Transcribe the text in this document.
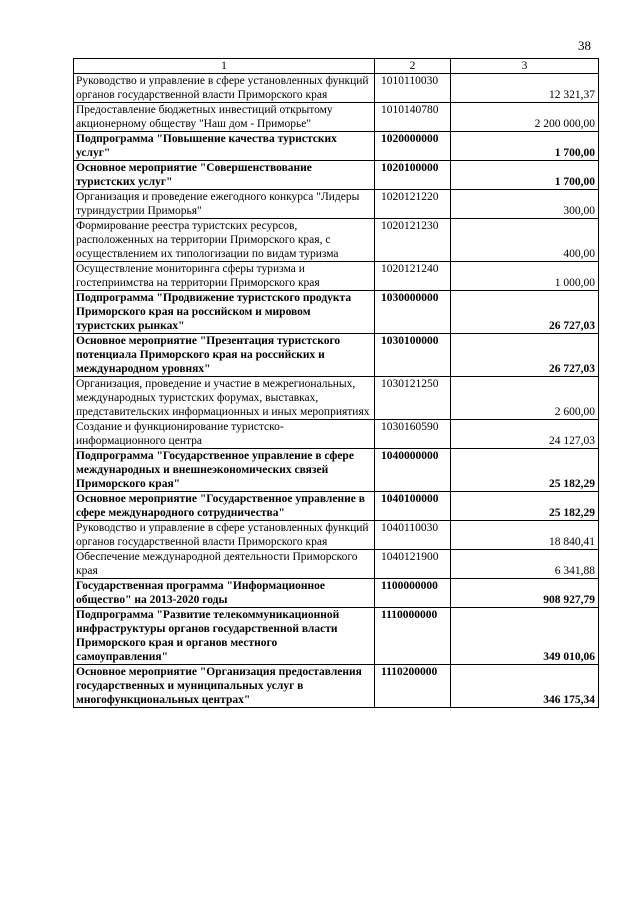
38
1	2	3
Руководство и управление в сфере установленных функций органов государственной власти Приморского края	1010110030	12 321,37
Предоставление бюджетных инвестиций открытому акционерному обществу "Наш дом - Приморье"	1010140780	2 200 000,00
Подпрограмма "Повышение качества туристских услуг"	1020000000	1 700,00
Основное мероприятие "Совершенствование туристских услуг"	1020100000	1 700,00
Организация и проведение ежегодного конкурса "Лидеры туриндустрии Приморья"	1020121220	300,00
Формирование реестра туристских ресурсов, расположенных на территории Приморского края, с осуществлением их типологизации по видам туризма	1020121230	400,00
Осуществление мониторинга сферы туризма и гостеприимства на территории Приморского края	1020121240	1 000,00
Подпрограмма "Продвижение туристского продукта Приморского края на российском и мировом туристских рынках"	1030000000	26 727,03
Основное мероприятие "Презентация туристского потенциала Приморского края на российских и международном уровнях"	1030100000	26 727,03
Организация, проведение и участие в межрегиональных, международных туристских форумах, выставках, представительских информационных и иных мероприятиях	1030121250	2 600,00
Создание и функционирование туристско-информационного центра	1030160590	24 127,03
Подпрограмма "Государственное управление в сфере международных и внешнеэкономических связей Приморского края"	1040000000	25 182,29
Основное мероприятие "Государственное управление в сфере международного сотрудничества"	1040100000	25 182,29
Руководство и управление в сфере установленных функций органов государственной власти Приморского края	1040110030	18 840,41
Обеспечение международной деятельности Приморского края	1040121900	6 341,88
Государственная программа "Информационное общество" на 2013-2020 годы	1100000000	908 927,79
Подпрограмма "Развитие телекоммуникационной инфраструктуры органов государственной власти Приморского края и органов местного самоуправления"	1110000000	349 010,06
Основное мероприятие "Организация предоставления государственных и муниципальных услуг в многофункциональных центрах"	1110200000	346 175,34
